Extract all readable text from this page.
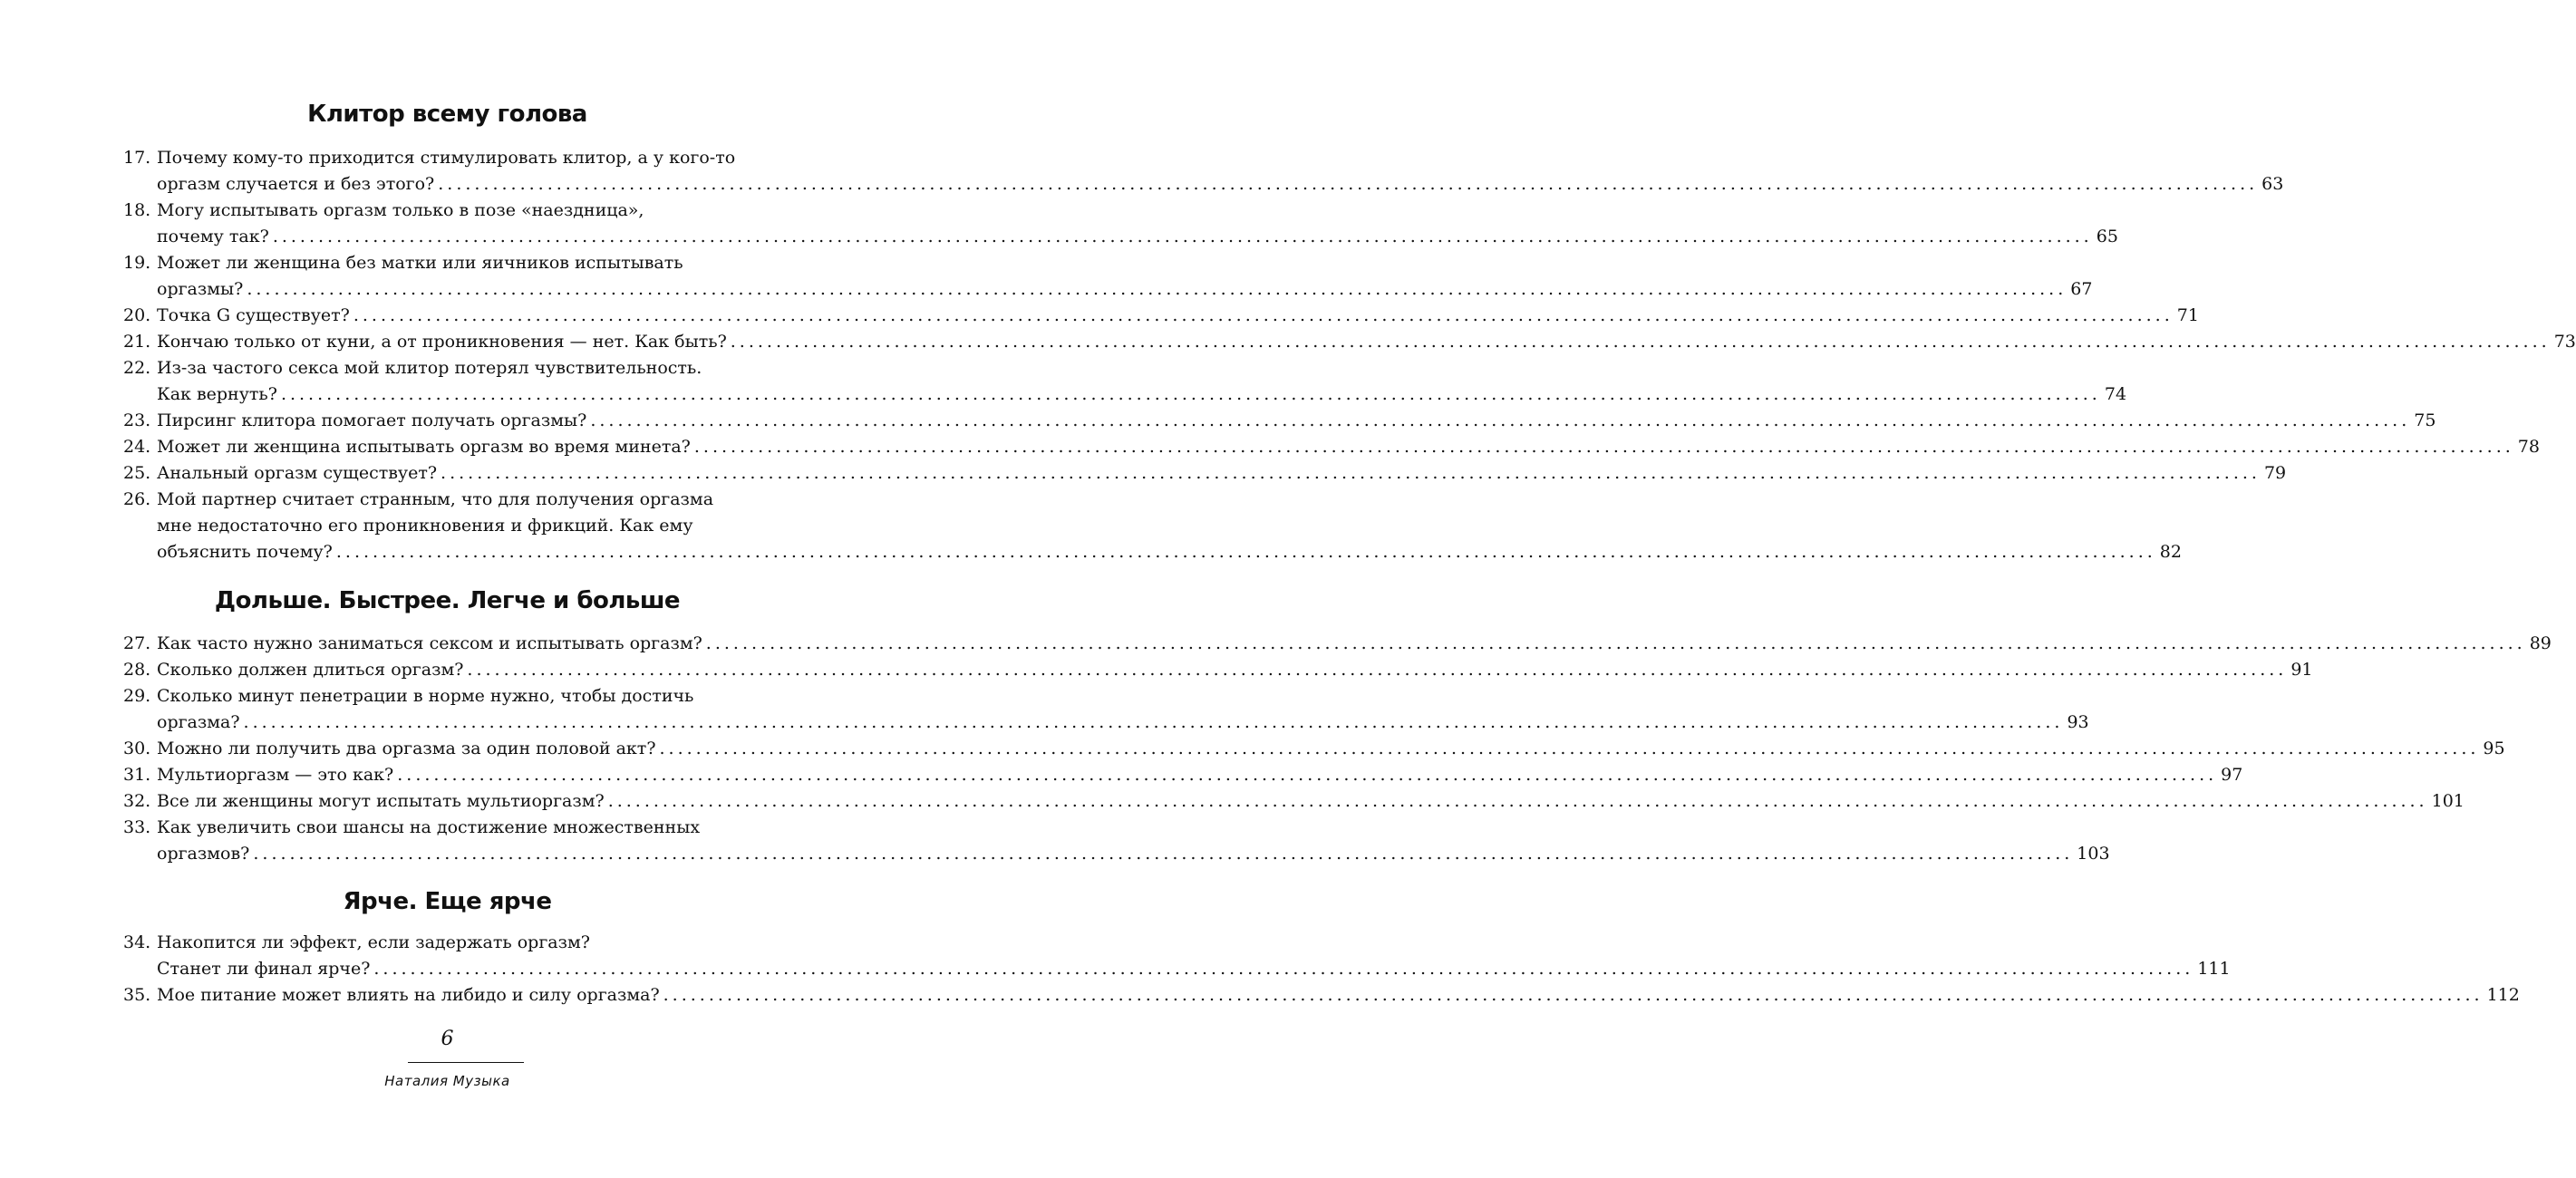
Клитор всему голова
17. Почему кому-то приходится стимулировать клитор, а у кого-то
оргазм случается и без этого? ........................................................................................................................................................................................................ 63
18. Могу испытывать оргазм только в позе «наездница»,
почему так? ........................................................................................................................................................................................................ 65
19. Может ли женщина без матки или яичников испытывать
оргазмы? ........................................................................................................................................................................................................ 67
20. Точка G существует? ........................................................................................................................................................................................................ 71
21. Кончаю только от куни, а от проникновения — нет. Как быть? ........................................................................................................................................................................................................ 73
22. Из-за частого секса мой клитор потерял чувствительность.
Как вернуть? ........................................................................................................................................................................................................ 74
23. Пирсинг клитора помогает получать оргазмы? ........................................................................................................................................................................................................ 75
24. Может ли женщина испытывать оргазм во время минета? ........................................................................................................................................................................................................ 78
25. Анальный оргазм существует? ........................................................................................................................................................................................................ 79
26. Мой партнер считает странным, что для получения оргазма
мне недостаточно его проникновения и фрикций. Как ему
объяснить почему? ........................................................................................................................................................................................................ 82
Дольше. Быстрее. Легче и больше
27. Как часто нужно заниматься сексом и испытывать оргазм? ........................................................................................................................................................................................................ 89
28. Сколько должен длиться оргазм? ........................................................................................................................................................................................................ 91
29. Сколько минут пенетрации в норме нужно, чтобы достичь
оргазма? ........................................................................................................................................................................................................ 93
30. Можно ли получить два оргазма за один половой акт? ........................................................................................................................................................................................................ 95
31. Мультиоргазм — это как? ........................................................................................................................................................................................................ 97
32. Все ли женщины могут испытать мультиоргазм? ........................................................................................................................................................................................................ 101
33. Как увеличить свои шансы на достижение множественных
оргазмов? ........................................................................................................................................................................................................ 103
Ярче. Еще ярче
34. Накопится ли эффект, если задержать оргазм?
Станет ли финал ярче? ........................................................................................................................................................................................................ 111
35. Мое питание может влиять на либидо и силу оргазма? ........................................................................................................................................................................................................ 112
6
Наталия Музыка
